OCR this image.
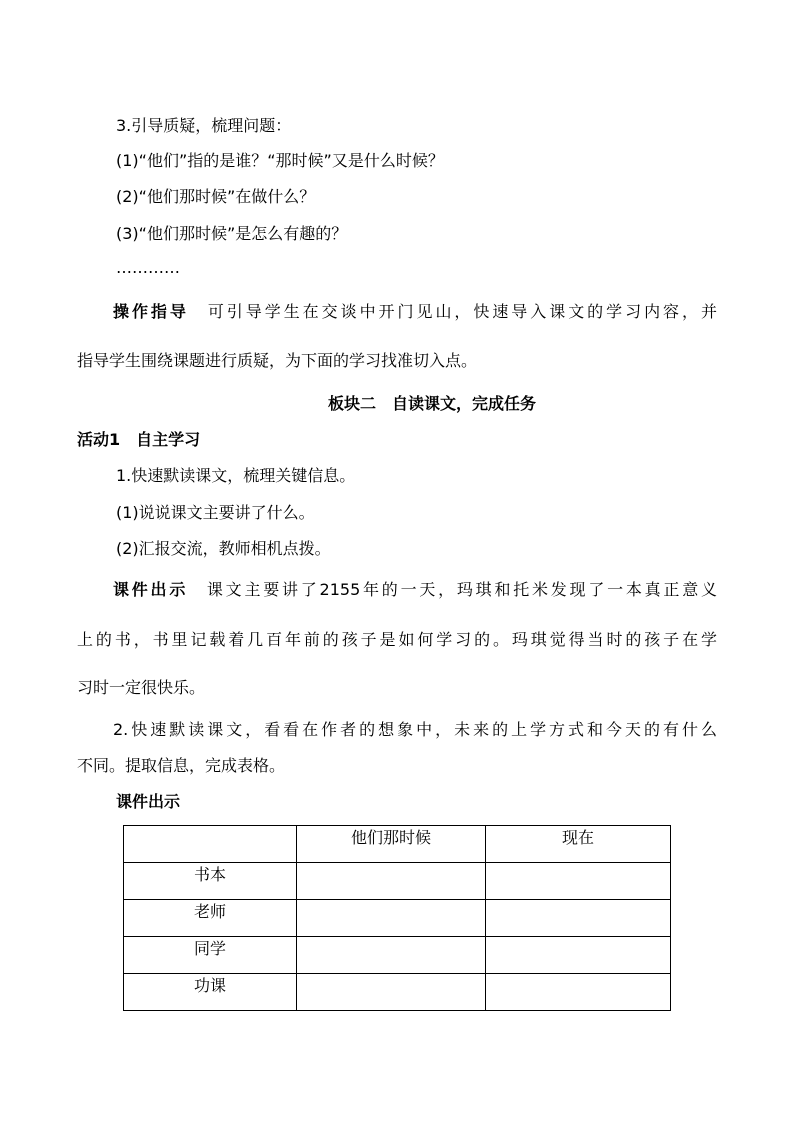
3.引导质疑，梳理问题：
(1)“他们”指的是谁？“那时候”又是什么时候？
(2)“他们那时候”在做什么？
(3)“他们那时候”是怎么有趣的？
…………
操作指导　 可引导学生在交谈中开门见山，快速导入课文的学习内容，并
指导学生围绕课题进行质疑，为下面的学习找准切入点。
板块二　自读课文，完成任务
活动1　 自主学习
1.快速默读课文，梳理关键信息。
(1)说说课文主要讲了什么。
(2)汇报交流，教师相机点拨。
课件出示　 课文主要讲了2155年的一天，玛琪和托米发现了一本真正意义
上的书，书里记载着几百年前的孩子是如何学习的。玛琪觉得当时的孩子在学
习时一定很快乐。
2.快速默读课文，看看在作者的想象中，未来的上学方式和今天的有什么
不同。提取信息，完成表格。
课件出示
	他们那时候	现在
书本		
老师		
同学		
功课		
